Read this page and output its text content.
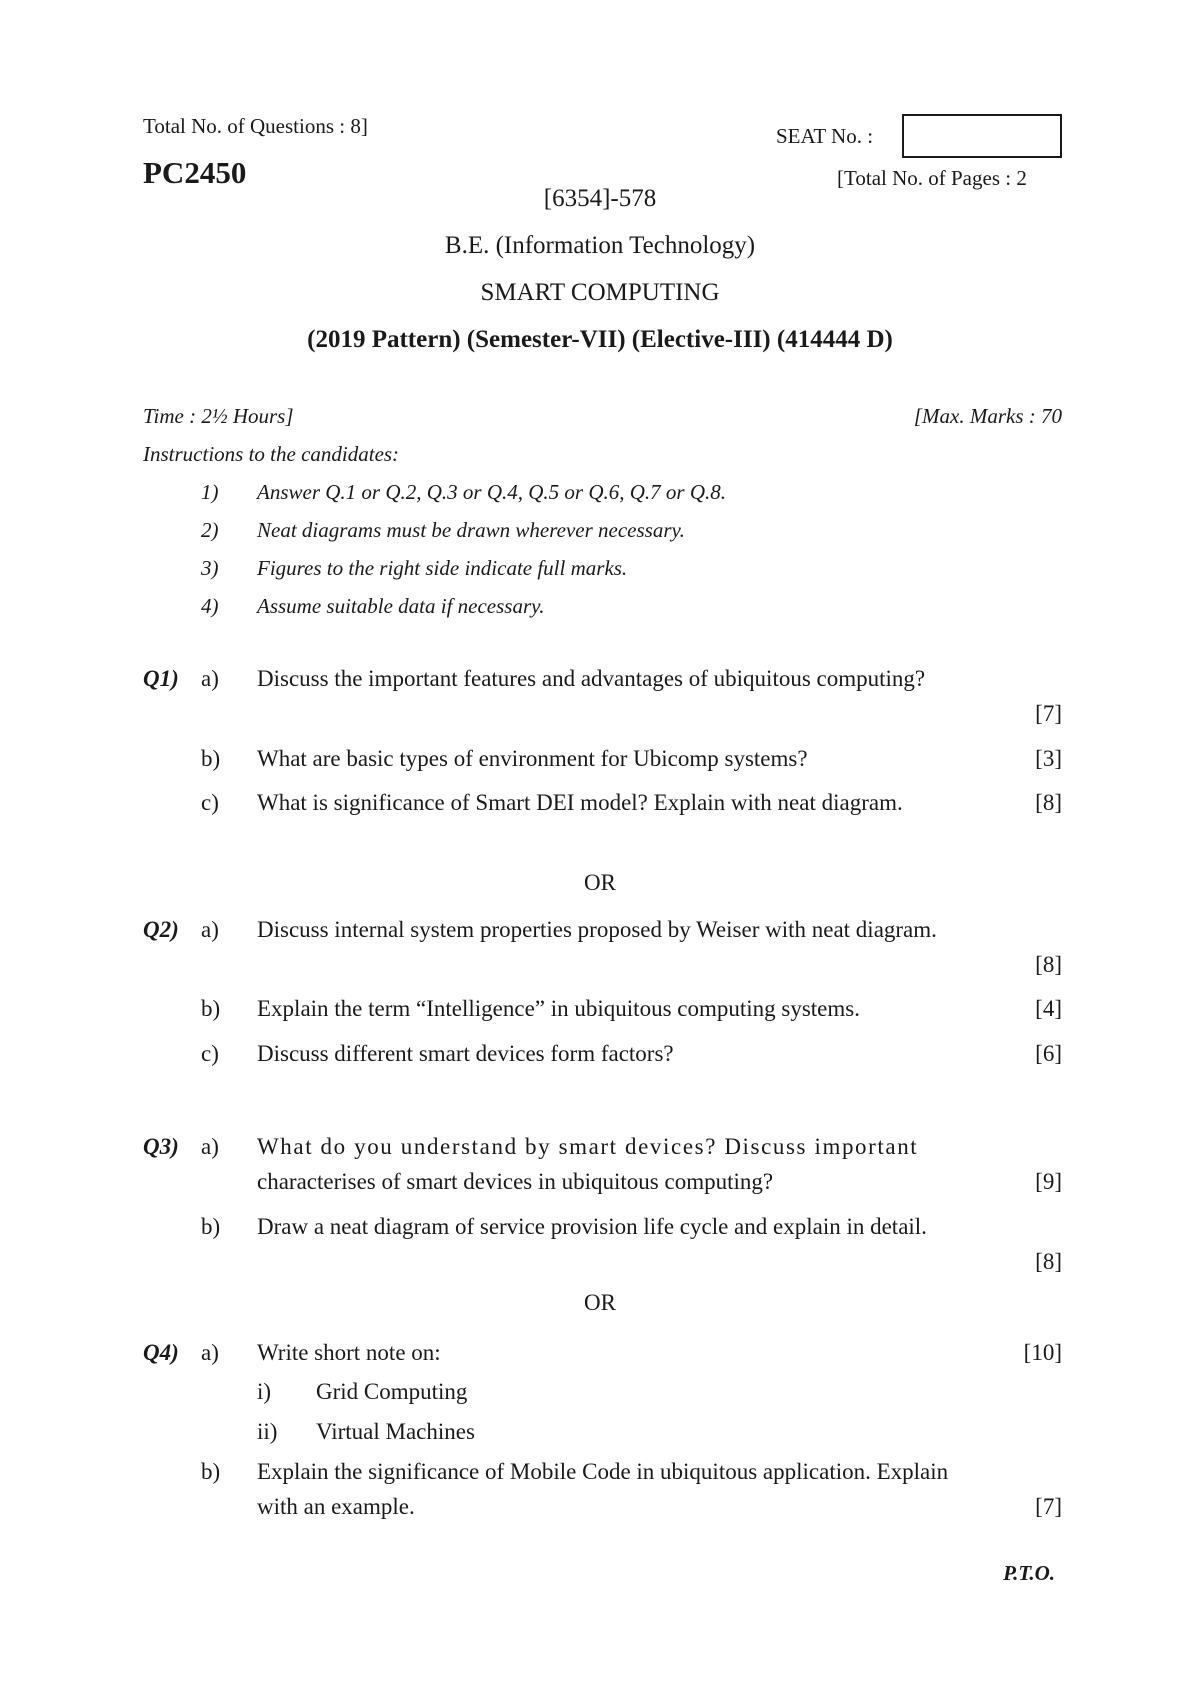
Total No. of Questions : 8]	SEAT No. :
PC2450	[Total No. of Pages : 2
[6354]-578
B.E. (Information Technology)
SMART COMPUTING
(2019 Pattern) (Semester-VII) (Elective-III) (414444 D)
Time : 2½ Hours]	[Max. Marks : 70
Instructions to the candidates:
1) Answer Q.1 or Q.2, Q.3 or Q.4, Q.5 or Q.6, Q.7 or Q.8.
2) Neat diagrams must be drawn wherever necessary.
3) Figures to the right side indicate full marks.
4) Assume suitable data if necessary.
Q1) a) Discuss the important features and advantages of ubiquitous computing?
[7]
b) What are basic types of environment for Ubicomp systems?	[3]
c) What is significance of Smart DEI model? Explain with neat diagram.	[8]
OR
Q2) a) Discuss internal system properties proposed by Weiser with neat diagram.
[8]
b) Explain the term “Intelligence” in ubiquitous computing systems.	[4]
c) Discuss different smart devices form factors?	[6]
Q3) a) What do you understand by smart devices? Discuss important
characterises of smart devices in ubiquitous computing?	[9]
b) Draw a neat diagram of service provision life cycle and explain in detail.
[8]
OR
Q4) a) Write short note on:	[10]
i) Grid Computing
ii) Virtual Machines
b) Explain the significance of Mobile Code in ubiquitous application. Explain
with an example.	[7]
P.T.O.
